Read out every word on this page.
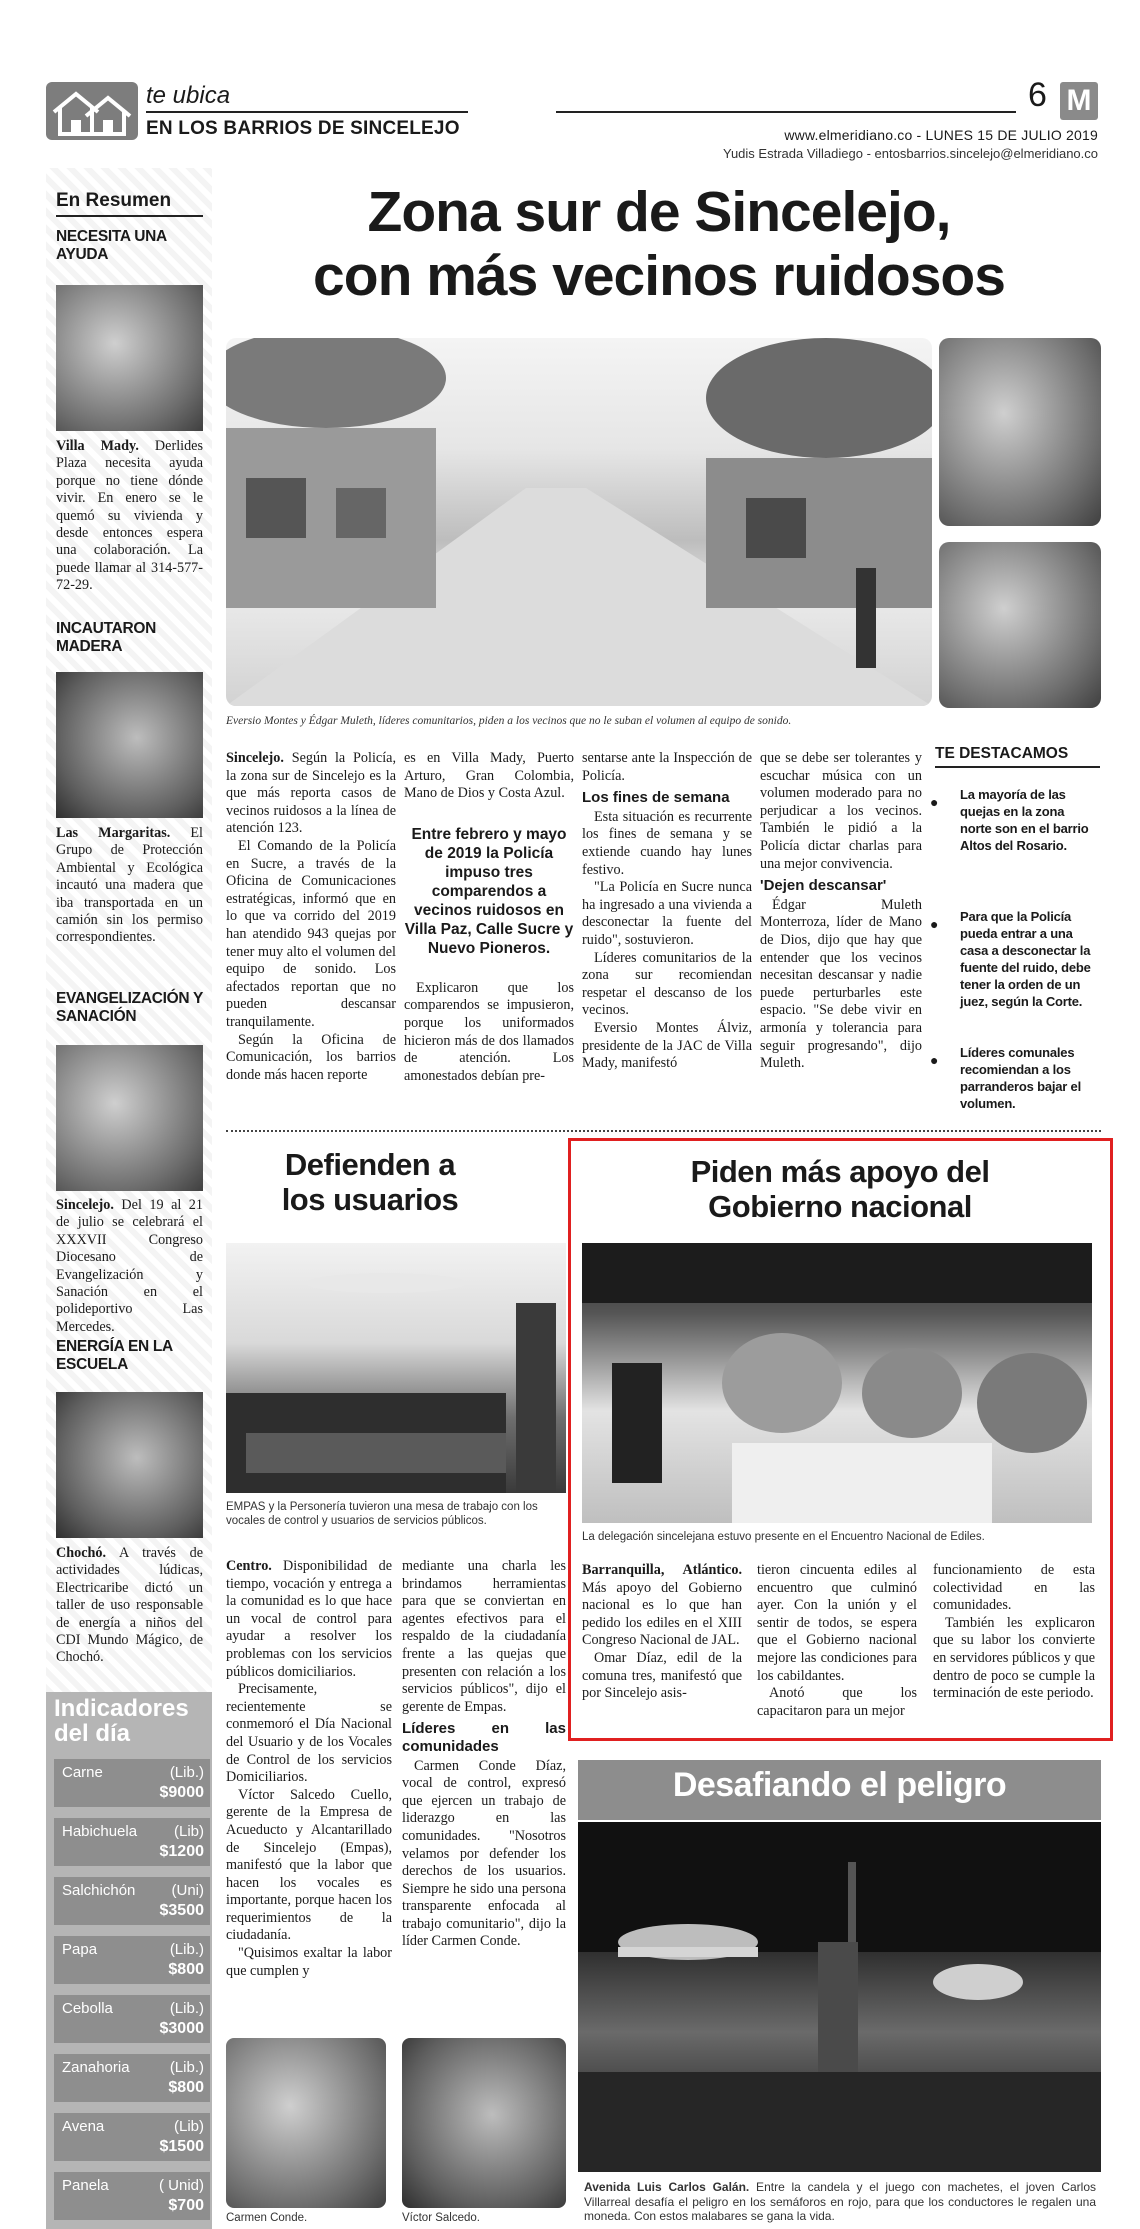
te ubica
EN LOS BARRIOS DE SINCELEJO
6 M
www.elmeridiano.co - LUNES 15 DE JULIO 2019
Yudis Estrada Villadiego - entosbarrios.sincelejo@elmeridiano.co
En Resumen
NECESITA UNA AYUDA
Villa Mady. Derlides Plaza necesita ayuda porque no tiene dónde vivir. En enero se le quemó su vivienda y desde entonces espera una colaboración. La puede llamar al 314-577-72-29.
INCAUTARON MADERA
Las Margaritas. El Grupo de Protección Ambiental y Ecológica incautó una madera que iba transportada en un camión sin los permiso correspondientes.
EVANGELIZACIÓN Y SANACIÓN
Sincelejo. Del 19 al 21 de julio se celebrará el XXXVII Congreso Diocesano de Evangelización y Sanación en el polideportivo Las Mercedes.
ENERGÍA EN LA ESCUELA
Chochó. A través de actividades lúdicas, Electricaribe dictó un taller de uso responsable de energía a niños del CDI Mundo Mágico, de Chochó.
Indicadores del día
Carne	(Lib.)
$9000
Habichuela (Lib)
$1200
Salchichón (Uni)
$3500
Papa	(Lib.)
$800
Cebolla	(Lib.)
$3000
Zanahoria	(Lib.)
$800
Avena	(Lib)
$1500
Panela	( Unid)
$700
Zona sur de Sincelejo,
con más vecinos ruidosos
Eversio Montes y Édgar Muleth, líderes comunitarios, piden a los vecinos que no le suban el volumen al equipo de sonido.

Sincelejo. Según la Policía, la zona sur de Sincelejo es la que más reporta casos de vecinos ruidosos a la línea de atención 123.

El Comando de la Policía en Sucre, a través de la Oficina de Comunicaciones estratégicas, informó que en lo que va corrido del 2019 han atendido 943 quejas por tener muy alto el volumen del equipo de sonido. Los afectados reportan que no pueden descansar tranquilamente.

Según la Oficina de Comunicación, los barrios donde más hacen reporte

es en Villa Mady, Puerto Arturo, Gran Colombia, Mano de Dios y Costa Azul.

Entre febrero y mayo de 2019 la Policía impuso tres comparendos a vecinos ruidosos en Villa Paz, Calle Sucre y Nuevo Pioneros.

Explicaron que los comparendos se impusieron, porque los uniformados hicieron más de dos llamados de atención. Los amonestados debían pre-

sentarse ante la Inspección de Policía.

Los fines de semana

Esta situación es recurrente los fines de semana y se extiende cuando hay lunes festivo.

"La Policía en Sucre nunca ha ingresado a una vivienda a desconectar la fuente del ruido", sostuvieron.

Líderes comunitarios de la zona sur recomiendan respetar el descanso de los vecinos.

Eversio Montes Álviz, presidente de la JAC de Villa Mady, manifestó

que se debe ser tolerantes y escuchar música con un volumen moderado para no perjudicar a los vecinos. También le pidió a la Policía dictar charlas para una mejor convivencia.

'Dejen descansar'

Édgar Muleth Monterroza, líder de Mano de Dios, dijo que hay que entender que los vecinos necesitan descansar y nadie puede perturbarles este espacio. "Se debe vivir en armonía y tolerancia para seguir progresando", dijo Muleth.

TE DESTACAMOS
●
La mayoría de las quejas en la zona norte son en el barrio Altos del Rosario.
●
Para que la Policía pueda entrar a una casa a desconectar la fuente del ruido, debe tener la orden de un juez, según la Corte.
●
Líderes comunales recomiendan a los parranderos bajar el volumen.
Defienden a los usuarios
EMPAS y la Personería tuvieron una mesa de trabajo con los vocales de control y usuarios de servicios públicos.

Centro. Disponibilidad de tiempo, vocación y entrega a la comunidad es lo que hace un vocal de control para ayudar a resolver los problemas con los servicios públicos domiciliarios.

Precisamente, recientemente se conmemoró el Día Nacional del Usuario y de los Vocales de Control de los servicios Domiciliarios.

Víctor Salcedo Cuello, gerente de la Empresa de Acueducto y Alcantarillado de Sincelejo (Empas), manifestó que la labor que hacen los vocales es importante, porque hacen los requerimientos de la ciudadanía.

"Quisimos exaltar la labor que cumplen y

mediante una charla les brindamos herramientas para que se conviertan en agentes efectivos para el respaldo de la ciudadanía frente a las quejas que presenten con relación a los servicios públicos", dijo el gerente de Empas.

Líderes en las comunidades

Carmen Conde Díaz, vocal de control, expresó que ejercen un trabajo de liderazgo en las comunidades. "Nosotros velamos por defender los derechos de los usuarios. Siempre he sido una persona transparente enfocada al trabajo comunitario", dijo la líder Carmen Conde.

Carmen Conde.	Víctor Salcedo.
Piden más apoyo del Gobierno nacional
La delegación sincelejana estuvo presente en el Encuentro Nacional de Ediles.

Barranquilla, Atlántico. Más apoyo del Gobierno nacional es lo que han pedido los ediles en el XIII Congreso Nacional de JAL.

Omar Díaz, edil de la comuna tres, manifestó que por Sincelejo asis-

tieron cincuenta ediles al encuentro que culminó ayer. Con la unión y el sentir de todos, se espera que el Gobierno nacional mejore las condiciones para los cabildantes.

Anotó que los capacitaron para un mejor

funcionamiento de esta colectividad en las comunidades.

También les explicaron que su labor los convierte en servidores públicos y que dentro de poco se cumple la terminación de este periodo.

Desafiando el peligro
Avenida Luis Carlos Galán. Entre la candela y el juego con machetes, el joven Carlos Villarreal desafía el peligro en los semáforos en rojo, para que los conductores le regalen una moneda. Con estos malabares se gana la vida.
